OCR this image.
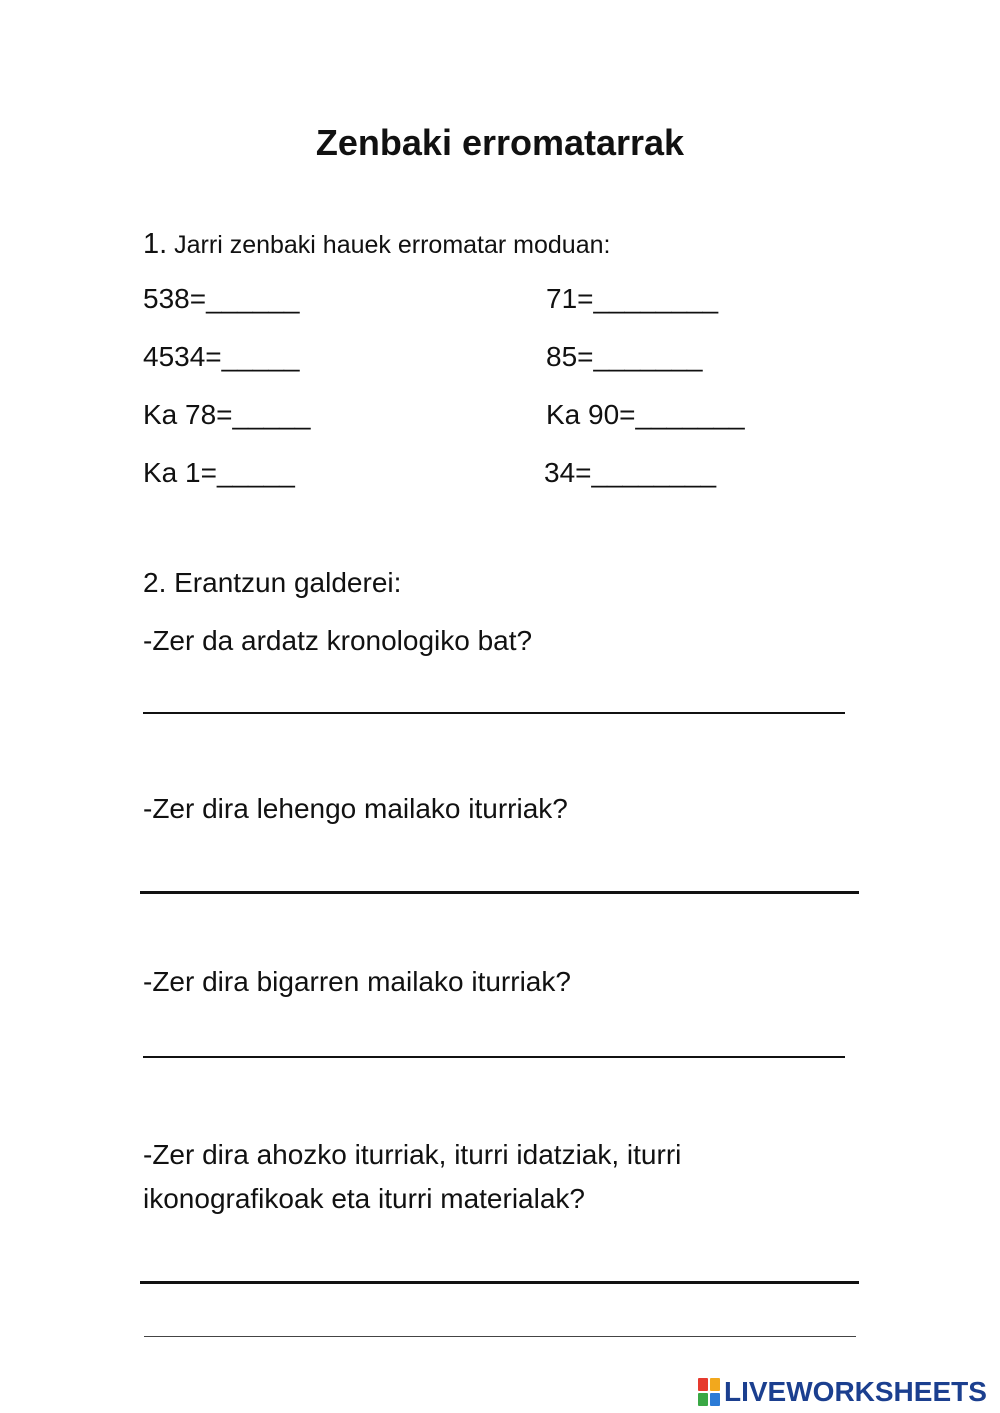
Zenbaki erromatarrak
1. Jarri zenbaki hauek erromatar moduan:
538=______
4534=_____
Ka 78=_____
Ka 1=_____
71=________
85=_______
Ka 90=_______
34=________
2. Erantzun galderei:
-Zer da ardatz kronologiko bat?
-Zer dira lehengo mailako iturriak?
-Zer dira bigarren mailako iturriak?
-Zer dira ahozko iturriak, iturri idatziak, iturri
ikonografikoak eta iturri materialak?
LIVEWORKSHEETS
